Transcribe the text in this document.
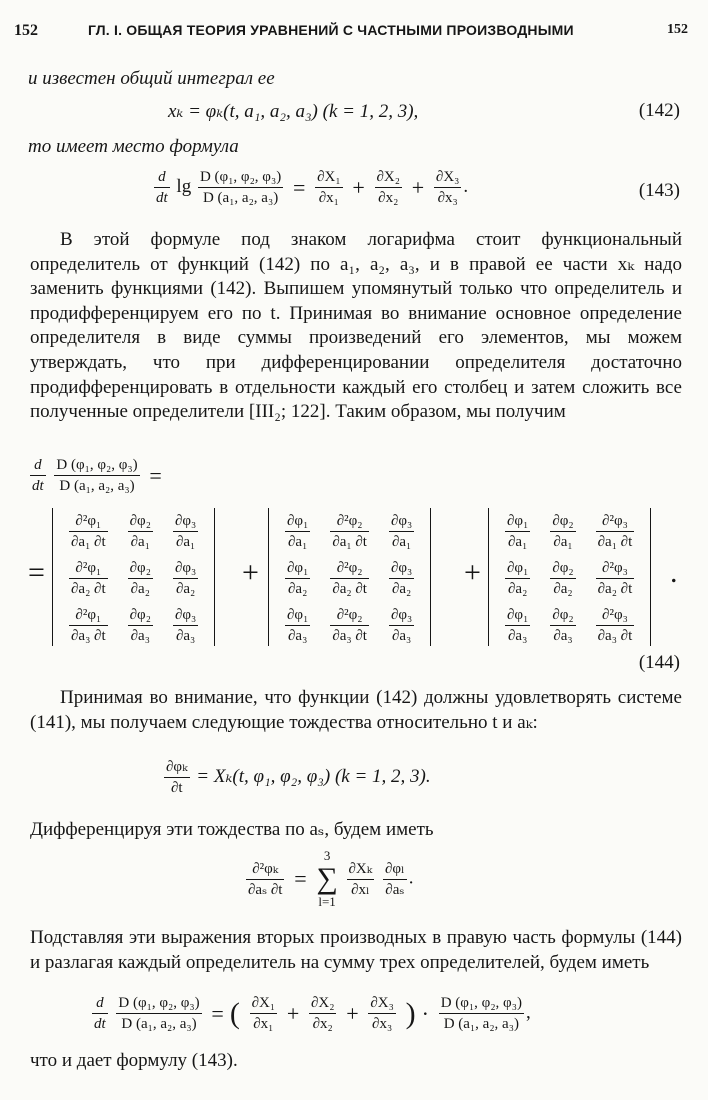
152	ГЛ. I. ОБЩАЯ ТЕОРИЯ УРАВНЕНИЙ С ЧАСТНЫМИ ПРОИЗВОДНЫМИ	152
и известен общий интеграл ее
xₖ = φₖ(t, a₁, a₂, a₃) (k = 1, 2, 3),	(142)
то имеет место формула
$\frac{d}{dt}$ $\lg \frac{\text{D (φ₁, φ₂, φ₃)}}{\text{D (a₁, a₂, a₃)}} = \frac{\text{∂X₁}}{\text{∂x₁}} + \frac{\text{∂X₂}}{\text{∂x₂}} + \frac{\text{∂X₃}}{\text{∂x₃}}$ .	(143)

В этой формуле под знаком логарифма стоит функциональный определитель от функций (142) по a₁, a₂, a₃, и в правой ее части xₖ надо заменить функциями (142). Выпишем упомянутый только что определитель и продифференцируем его по t. Принимая во внимание основное определение определителя в виде суммы произведений его элементов, мы можем утверждать, что при дифференцировании определителя достаточно продифференцировать в отдельности каждый его столбец и затем сложить все полученные определители [III₂; 122]. Таким образом, мы получим

$\frac{d}{dt}$
$\frac{\text{D (φ₁, φ₂, φ₃)}}{\text{D (a₁, a₂, a₃)}}$ =
=
$\frac{\text{∂²φ₁}}{\text{∂a₁ ∂t}}$	$\frac{\text{∂φ₂}}{\text{∂a₁}}$	$\frac{\text{∂φ₃}}{\text{∂a₁}}$

$\frac{\text{∂²φ₁}}{\text{∂a₂ ∂t}}$	$\frac{\text{∂φ₂}}{\text{∂a₂}}$	$\frac{\text{∂φ₃}}{\text{∂a₂}}$

$\frac{\text{∂²φ₁}}{\text{∂a₃ ∂t}}$	$\frac{\text{∂φ₂}}{\text{∂a₃}}$	$\frac{\text{∂φ₃}}{\text{∂a₃}}$
+
$\frac{\text{∂φ₁}}{\text{∂a₁}}$	$\frac{\text{∂²φ₂}}{\text{∂a₁ ∂t}}$	$\frac{\text{∂φ₃}}{\text{∂a₁}}$

$\frac{\text{∂φ₁}}{\text{∂a₂}}$	$\frac{\text{∂²φ₂}}{\text{∂a₂ ∂t}}$	$\frac{\text{∂φ₃}}{\text{∂a₂}}$

$\frac{\text{∂φ₁}}{\text{∂a₃}}$	$\frac{\text{∂²φ₂}}{\text{∂a₃ ∂t}}$	$\frac{\text{∂φ₃}}{\text{∂a₃}}$
+
$\frac{\text{∂φ₁}}{\text{∂a₁}}$	$\frac{\text{∂φ₂}}{\text{∂a₁}}$	$\frac{\text{∂²φ₃}}{\text{∂a₁ ∂t}}$

$\frac{\text{∂φ₁}}{\text{∂a₂}}$	$\frac{\text{∂φ₂}}{\text{∂a₂}}$	$\frac{\text{∂²φ₃}}{\text{∂a₂ ∂t}}$

$\frac{\text{∂φ₁}}{\text{∂a₃}}$	$\frac{\text{∂φ₂}}{\text{∂a₃}}$	$\frac{\text{∂²φ₃}}{\text{∂a₃ ∂t}}$
.
(144)

Принимая во внимание, что функции (142) должны удовлетворять системе (141), мы получаем следующие тождества относительно t и aₖ:

$\frac{\text{∂φₖ}}{\partial t} = X_k(t$, φ₁, φ₂, φ₃) (k = 1, 2, 3).
Дифференцируя эти тождества по aₛ, будем иметь
$\frac{\text{∂²φₖ}}{\text{∂aₛ ∂t}}$ =
3
∑
l=1

$\frac{\text{∂Xₖ}}{\text{∂xₗ}}$
$\frac{\text{∂φₗ}}{\text{∂aₛ}}$ .

Подставляя эти выражения вторых производных в правую часть формулы (144) и разлагая каждый определитель на сумму трех определителей, будем иметь

$\frac{d}{dt}$
$\frac{\text{D (φ₁, φ₂, φ₃)}}{\text{D (a₁, a₂, a₃)}}$ = ( $\frac{\text{∂X₁}}{\text{∂x₁}} + \frac{\text{∂X₂}}{\text{∂x₂}} + \frac{\text{∂X₃}}{\text{∂x₃}}$ ) · $\frac{\text{D (φ₁, φ₂, φ₃)}}{\text{D (a₁, a₂, a₃)}}$ ,
что и дает формулу (143).
